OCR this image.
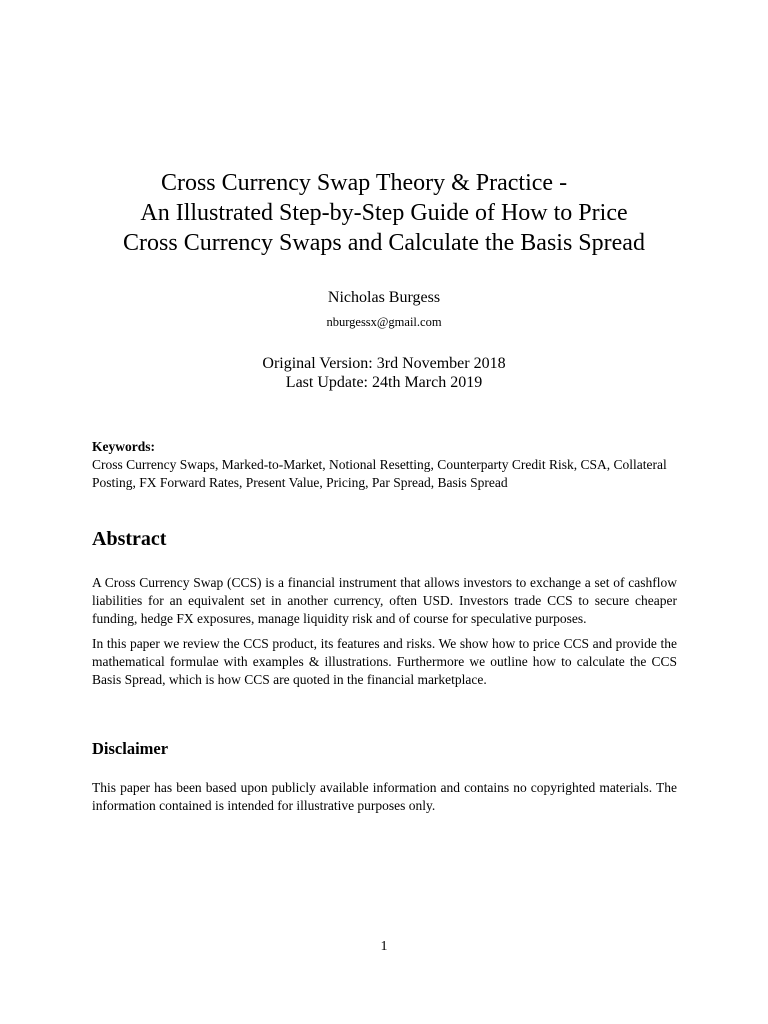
Cross Currency Swap Theory & Practice -
An Illustrated Step-by-Step Guide of How to Price
Cross Currency Swaps and Calculate the Basis Spread
Nicholas Burgess
nburgessx@gmail.com
Original Version: 3rd November 2018
Last Update: 24th March 2019
Keywords:
Cross Currency Swaps, Marked-to-Market, Notional Resetting, Counterparty Credit Risk, CSA, Collateral Posting, FX Forward Rates, Present Value, Pricing, Par Spread, Basis Spread
Abstract

A Cross Currency Swap (CCS) is a financial instrument that allows investors to exchange a set of cashflow liabilities for an equivalent set in another currency, often USD. Investors trade CCS to secure cheaper funding, hedge FX exposures, manage liquidity risk and of course for speculative purposes.

In this paper we review the CCS product, its features and risks. We show how to price CCS and provide the mathematical formulae with examples & illustrations. Furthermore we outline how to calculate the CCS Basis Spread, which is how CCS are quoted in the financial marketplace.

Disclaimer

This paper has been based upon publicly available information and contains no copyrighted materials. The information contained is intended for illustrative purposes only.

1
